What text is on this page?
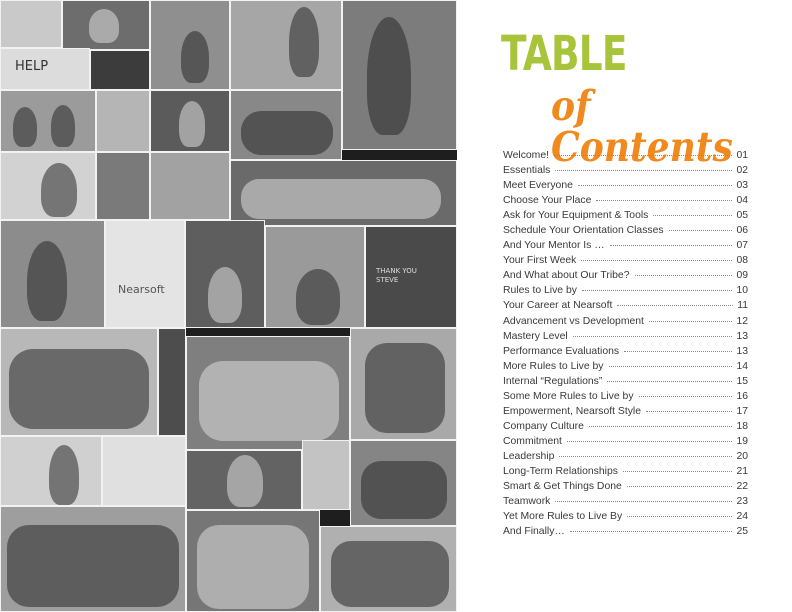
HELP
Nearsoft
THANK YOU STEVE
TABLE
of Contents
Welcome!	01
Essentials	02
Meet Everyone	03
Choose Your Place	04
Ask for Your Equipment & Tools	05
Schedule Your Orientation Classes	06
And Your Mentor Is …	07
Your First Week	08
And What about Our Tribe?	09
Rules to Live by	10
Your Career at Nearsoft	11
Advancement vs Development	12
Mastery Level	13
Performance Evaluations	13
More Rules to Live by	14
Internal “Regulations”	15
Some More Rules to Live by	16
Empowerment, Nearsoft Style	17
Company Culture	18
Commitment	19
Leadership	20
Long-Term Relationships	21
Smart & Get Things Done	22
Teamwork	23
Yet More Rules to Live By	24
And Finally…	25
